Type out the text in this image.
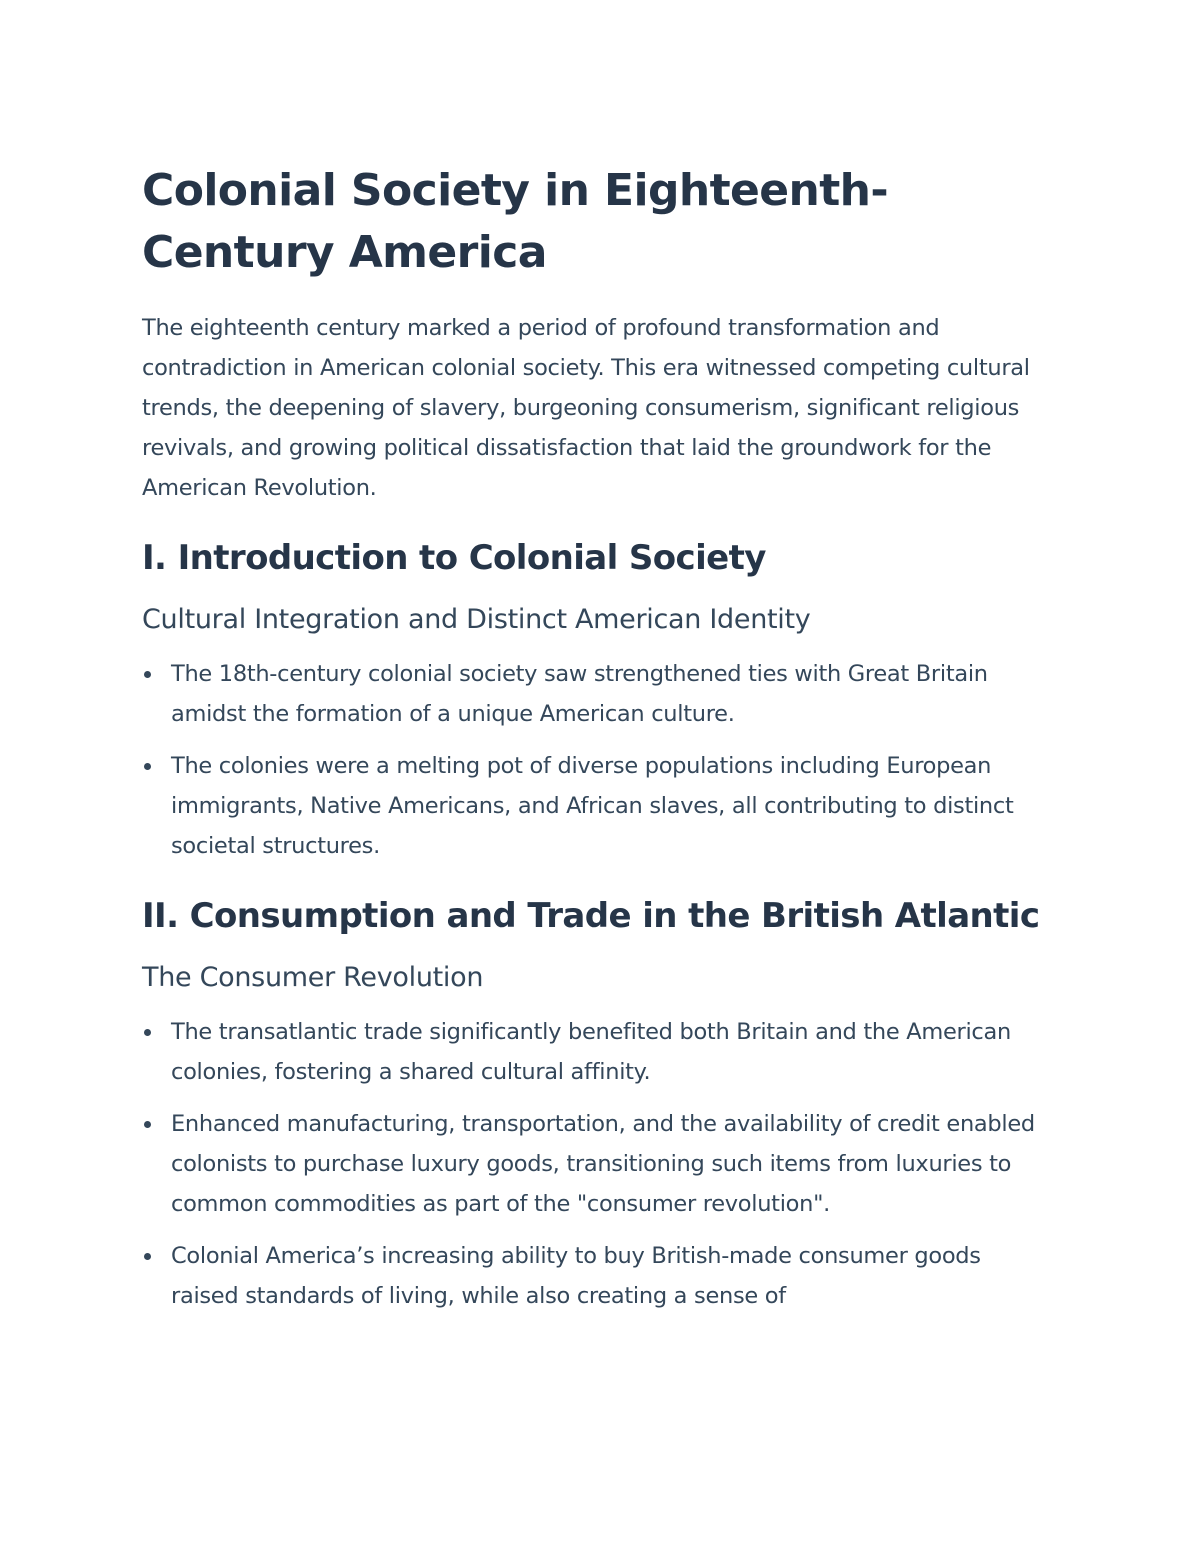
Colonial Society in Eighteenth-Century America

The eighteenth century marked a period of profound transformation and contradiction in American colonial society. This era witnessed competing cultural trends, the deepening of slavery, burgeoning consumerism, significant religious revivals, and growing political dissatisfaction that laid the groundwork for the American Revolution.

I. Introduction to Colonial Society
Cultural Integration and Distinct American Identity
The 18th-century colonial society saw strengthened ties with Great Britain amidst the formation of a unique American culture.
The colonies were a melting pot of diverse populations including European immigrants, Native Americans, and African slaves, all contributing to distinct societal structures.
II. Consumption and Trade in the British Atlantic
The Consumer Revolution
The transatlantic trade significantly benefited both Britain and the American colonies, fostering a shared cultural affinity.
Enhanced manufacturing, transportation, and the availability of credit enabled colonists to purchase luxury goods, transitioning such items from luxuries to common commodities as part of the "consumer revolution".
Colonial America’s increasing ability to buy British-made consumer goods raised standards of living, while also creating a sense of
